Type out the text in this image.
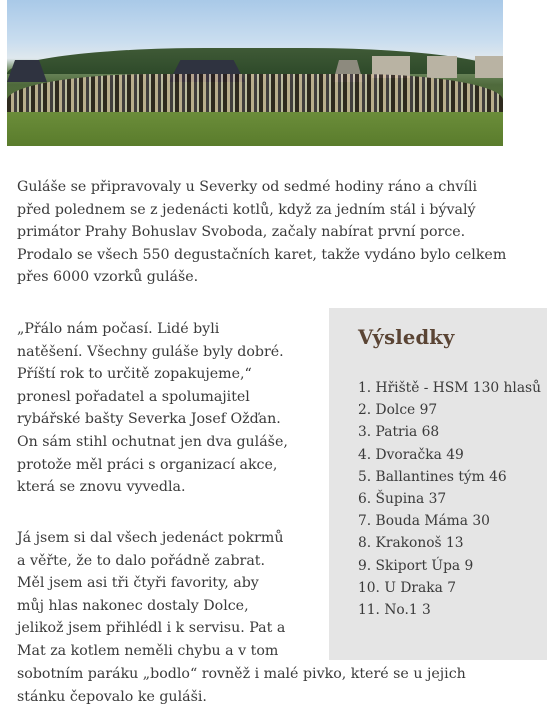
Guláše se připravovaly u Severky od sedmé hodiny ráno a chvíli
před polednem se z jedenácti kotlů, když za jedním stál i bývalý
primátor Prahy Bohuslav Svoboda, začaly nabírat první porce.
Prodalo se všech 550 degustačních karet, takže vydáno bylo celkem
přes 6000 vzorků guláše.

„Přálo nám počasí. Lidé byli
natěšení. Všechny guláše byly dobré.
Příští rok to určitě zopakujeme,“
pronesl pořadatel a spolumajitel
rybářské bašty Severka Josef Ožďan.
On sám stihl ochutnat jen dva guláše,
protože měl práci s organizací akce,
která se znovu vyvedla.

Výsledky
1. Hřiště - HSM 130 hlasů
2. Dolce 97
3. Patria 68
4. Dvoračka 49
5. Ballantines tým 46
6. Šupina 37
7. Bouda Máma 30
8. Krakonoš 13
9. Skiport Úpa 9
10. U Draka 7
11. No.1 3

Já jsem si dal všech jedenáct pokrmů
a věřte, že to dalo pořádně zabrat.
Měl jsem asi tři čtyři favority, aby
můj hlas nakonec dostaly Dolce,
jelikož jsem přihlédl i k servisu. Pat a
Mat za kotlem neměli chybu a v tom

sobotním paráku „bodlo“ rovněž i malé pivko, které se u jejich
stánku čepovalo ke guláši.
